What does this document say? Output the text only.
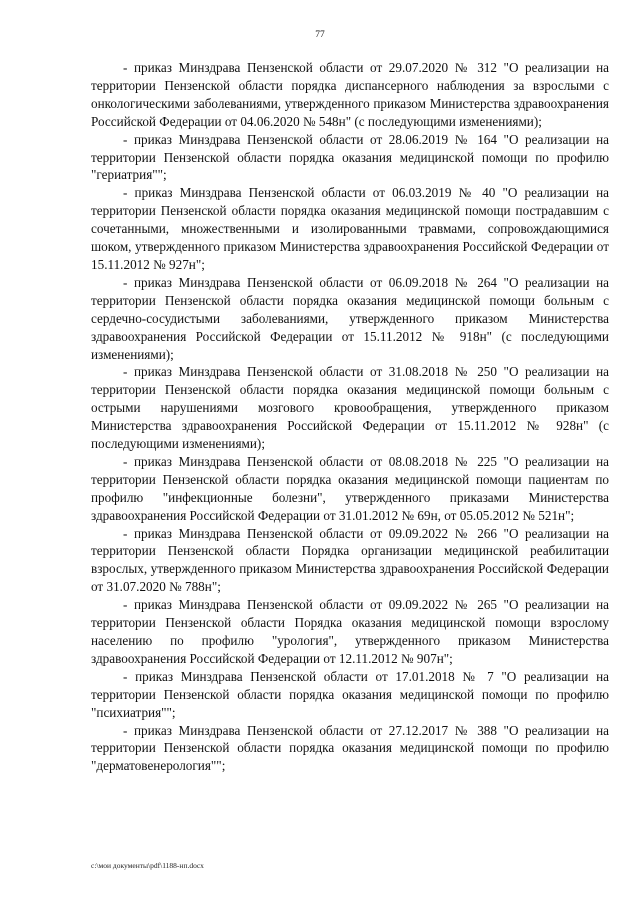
77

- приказ Минздрава Пензенской области от 29.07.2020 № 312 "О реализации на территории Пензенской области порядка диспансерного наблюдения за взрослыми с онкологическими заболеваниями, утвержденного приказом Министерства здравоохранения Российской Федерации от 04.06.2020 № 548н" (с последующими изменениями);

- приказ Минздрава Пензенской области от 28.06.2019 № 164 "О реализации на территории Пензенской области порядка оказания медицинской помощи по профилю "гериатрия"";

- приказ Минздрава Пензенской области от 06.03.2019 № 40 "О реализации на территории Пензенской области порядка оказания медицинской помощи пострадавшим с сочетанными, множественными и изолированными травмами, сопровождающимися шоком, утвержденного приказом Министерства здравоохранения Российской Федерации от 15.11.2012 № 927н";

- приказ Минздрава Пензенской области от 06.09.2018 № 264 "О реализации на территории Пензенской области порядка оказания медицинской помощи больным с сердечно-сосудистыми заболеваниями, утвержденного приказом Министерства здравоохранения Российской Федерации от 15.11.2012 № 918н" (с последующими изменениями);

- приказ Минздрава Пензенской области от 31.08.2018 № 250 "О реализации на территории Пензенской области порядка оказания медицинской помощи больным с острыми нарушениями мозгового кровообращения, утвержденного приказом Министерства здравоохранения Российской Федерации от 15.11.2012 № 928н" (с последующими изменениями);

- приказ Минздрава Пензенской области от 08.08.2018 № 225 "О реализации на территории Пензенской области порядка оказания медицинской помощи пациентам по профилю "инфекционные болезни", утвержденного приказами Министерства здравоохранения Российской Федерации от 31.01.2012 № 69н, от 05.05.2012 № 521н";

- приказ Минздрава Пензенской области от 09.09.2022 № 266 "О реализации на территории Пензенской области Порядка организации медицинской реабилитации взрослых, утвержденного приказом Министерства здравоохранения Российской Федерации от 31.07.2020 № 788н";

- приказ Минздрава Пензенской области от 09.09.2022 № 265 "О реализации на территории Пензенской области Порядка оказания медицинской помощи взрослому населению по профилю "урология", утвержденного приказом Министерства здравоохранения Российской Федерации от 12.11.2012 № 907н";

- приказ Минздрава Пензенской области от 17.01.2018 № 7 "О реализации на территории Пензенской области порядка оказания медицинской помощи по профилю "психиатрия"";

- приказ Минздрава Пензенской области от 27.12.2017 № 388 "О реализации на территории Пензенской области порядка оказания медицинской помощи по профилю "дерматовенерология"";

c:\мои документы\pdf\1188-нп.docx
